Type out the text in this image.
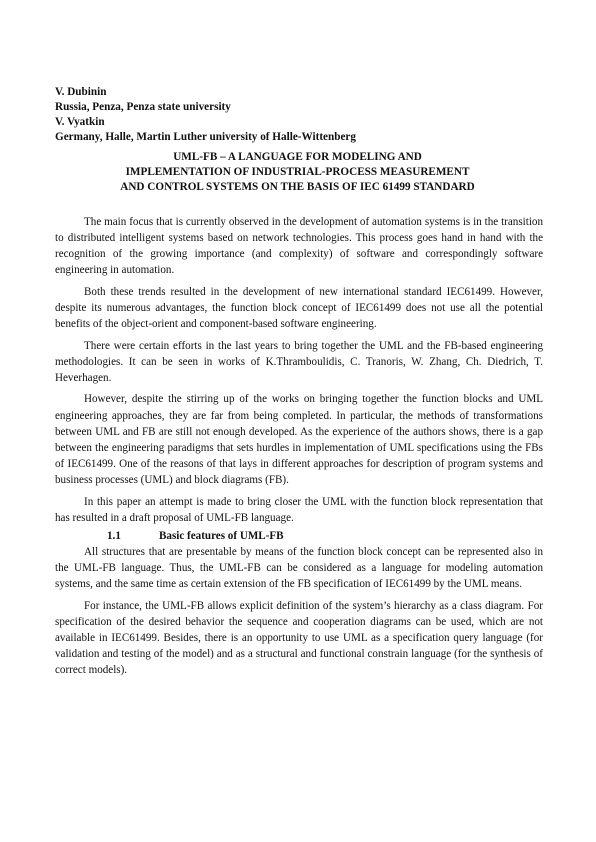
V. Dubinin
Russia, Penza, Penza state university
V. Vyatkin
Germany, Halle, Martin Luther university of Halle-Wittenberg
UML-FB – A LANGUAGE FOR MODELING AND
IMPLEMENTATION OF INDUSTRIAL-PROCESS MEASUREMENT
AND CONTROL SYSTEMS ON THE BASIS OF IEC 61499 STANDARD

The main focus that is currently observed in the development of automation systems is in the transition to distributed intelligent systems based on network technologies. This process goes hand in hand with the recognition of the growing importance (and complexity) of software and correspondingly software engineering in automation.

Both these trends resulted in the development of new international standard IEC61499. However, despite its numerous advantages, the function block concept of IEC61499 does not use all the potential benefits of the object-orient and component-based software engineering.

There were certain efforts in the last years to bring together the UML and the FB-based engineering methodologies. It can be seen in works of K.Thramboulidis, C. Tranoris, W. Zhang, Ch. Diedrich, T. Heverhagen.

However, despite the stirring up of the works on bringing together the function blocks and UML engineering approaches, they are far from being completed. In particular, the methods of transformations between UML and FB are still not enough developed. As the experience of the authors shows, there is a gap between the engineering paradigms that sets hurdles in implementation of UML specifications using the FBs of IEC61499. One of the reasons of that lays in different approaches for description of program systems and business processes (UML) and block diagrams (FB).

In this paper an attempt is made to bring closer the UML with the function block representation that has resulted in a draft proposal of UML-FB language.

1.1	Basic features of UML-FB

All structures that are presentable by means of the function block concept can be represented also in the UML-FB language. Thus, the UML-FB can be considered as a language for modeling automation systems, and the same time as certain extension of the FB specification of IEC61499 by the UML means.

For instance, the UML-FB allows explicit definition of the system’s hierarchy as a class diagram. For specification of the desired behavior the sequence and cooperation diagrams can be used, which are not available in IEC61499. Besides, there is an opportunity to use UML as a specification query language (for validation and testing of the model) and as a structural and functional constrain language (for the synthesis of correct models).
